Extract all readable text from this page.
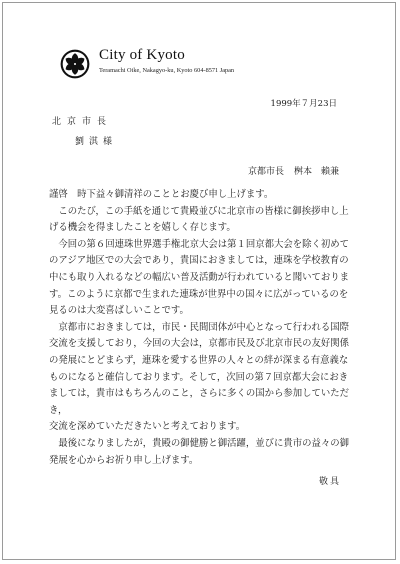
City of Kyoto
Teramachi Oike, Nakagyo-ku, Kyoto 604-8571 Japan
1999年７月23日
北京市長
劉淇様
京都市長 桝本　賴兼

謹啓　時下益々御清祥のこととお慶び申し上げます。

　このたび，この手紙を通じて貴殿並びに北京市の皆様に御挨拶申し上

げる機会を得ましたことを嬉しく存じます。

　今回の第６回連珠世界選手権北京大会は第１回京都大会を除く初めて

のアジア地区での大会であり，貴国におきましては，連珠を学校教育の

中にも取り入れるなどの幅広い普及活動が行われていると聞いておりま

す。このように京都で生まれた連珠が世界中の国々に広がっているのを

見るのは大変喜ばしいことです。

　京都市におきましては，市民・民間団体が中心となって行われる国際

交流を支援しており，今回の大会は，京都市民及び北京市民の友好関係

の発展にとどまらず，連珠を愛する世界の人々との絆が深まる有意義な

ものになると確信しております。そして，次回の第７回京都大会におき

ましては，貴市はもちろんのこと，さらに多くの国から参加していただき，

交流を深めていただきたいと考えております。

　最後になりましたが，貴殿の御健勝と御活躍，並びに貴市の益々の御

発展を心からお祈り申し上げます。

敬具
